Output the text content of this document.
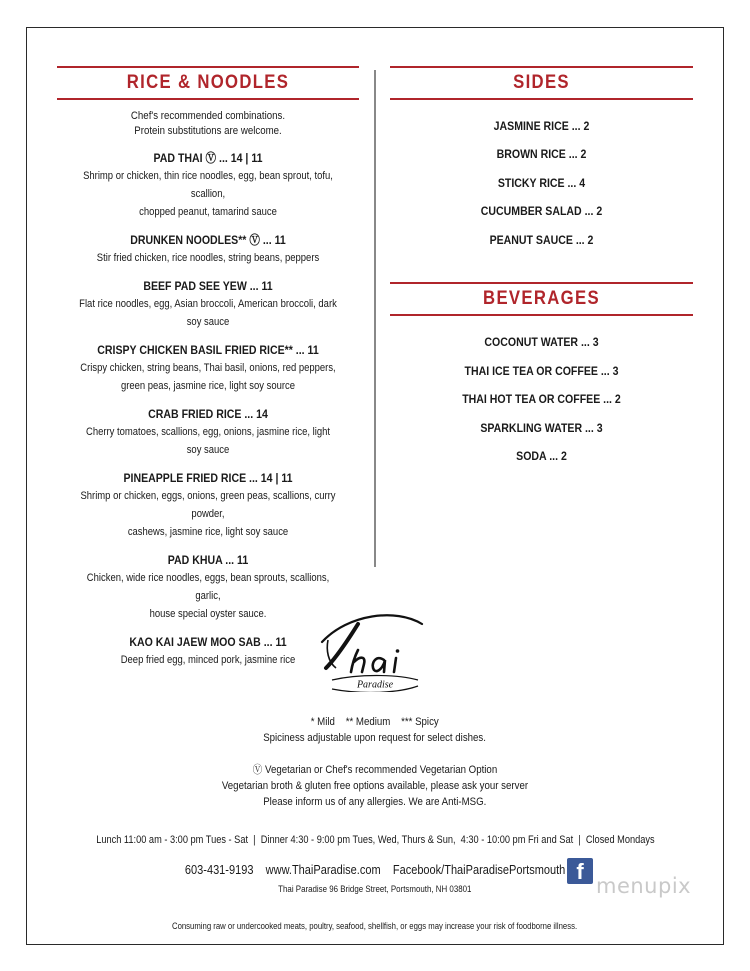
RICE & NOODLES
Chef's recommended combinations.
Protein substitutions are welcome.
PAD THAI Ⓥ ... 14 | 11
Shrimp or chicken, thin rice noodles, egg, bean sprout, tofu, scallion,
chopped peanut, tamarind sauce
DRUNKEN NOODLES** Ⓥ ... 11
Stir fried chicken, rice noodles, string beans, peppers
BEEF PAD SEE YEW ... 11
Flat rice noodles, egg, Asian broccoli, American broccoli, dark soy sauce
CRISPY CHICKEN BASIL FRIED RICE** ... 11
Crispy chicken, string beans, Thai basil, onions, red peppers,
green peas, jasmine rice, light soy source
CRAB FRIED RICE ... 14
Cherry tomatoes, scallions, egg, onions, jasmine rice, light soy sauce
PINEAPPLE FRIED RICE ... 14 | 11
Shrimp or chicken, eggs, onions, green peas, scallions, curry powder,
cashews, jasmine rice, light soy sauce
PAD KHUA ... 11
Chicken, wide rice noodles, eggs, bean sprouts, scallions, garlic,
house special oyster sauce.
KAO KAI JAEW MOO SAB ... 11
Deep fried egg, minced pork, jasmine rice
SIDES
JASMINE RICE ... 2
BROWN RICE ... 2
STICKY RICE ... 4
CUCUMBER SALAD ... 2
PEANUT SAUCE ... 2
BEVERAGES
COCONUT WATER ... 3
THAI ICE TEA OR COFFEE ... 3
THAI HOT TEA OR COFFEE ... 2
SPARKLING WATER ... 3
SODA ... 2
Paradise
* Mild    ** Medium    *** Spicy
Spiciness adjustable upon request for select dishes.
Ⓥ Vegetarian or Chef's recommended Vegetarian Option
Vegetarian broth & gluten free options available, please ask your server
Please inform us of any allergies. We are Anti-MSG.
Lunch 11:00 am - 3:00 pm Tues - Sat  |  Dinner 4:30 - 9:00 pm Tues, Wed, Thurs & Sun,  4:30 - 10:00 pm Fri and Sat  |  Closed Mondays
603-431-9193 www.ThaiParadise.com Facebook/ThaiParadisePortsmouth f
menupix
Thai Paradise 96 Bridge Street, Portsmouth, NH 03801
Consuming raw or undercooked meats, poultry, seafood, shellfish, or eggs may increase your risk of foodborne illness.
